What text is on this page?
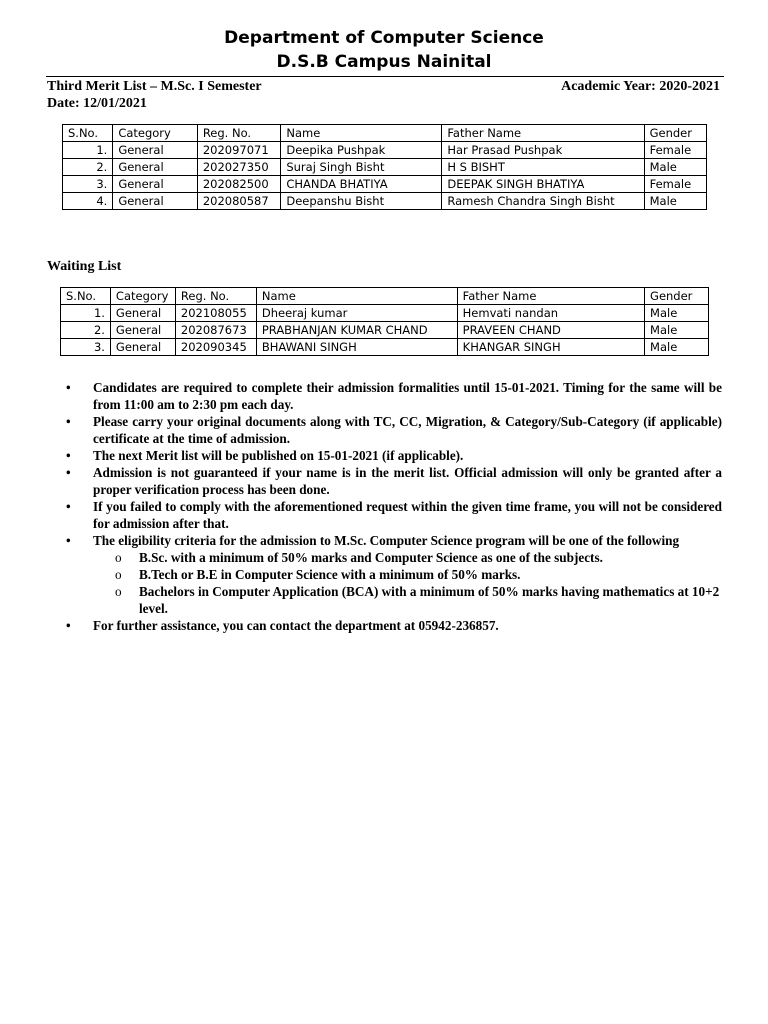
Department of Computer Science
D.S.B Campus Nainital
Third Merit List – M.Sc. I Semester	Academic Year: 2020-2021
Date: 12/01/2021
S.No.	Category	Reg. No.	Name	Father Name	Gender
1.	General	202097071	Deepika Pushpak	Har Prasad Pushpak	Female
2.	General	202027350	Suraj Singh Bisht	H S BISHT	Male
3.	General	202082500	CHANDA BHATIYA	DEEPAK SINGH BHATIYA	Female
4.	General	202080587	Deepanshu Bisht	Ramesh Chandra Singh Bisht	Male
Waiting List
S.No.	Category	Reg. No.	Name	Father Name	Gender
1.	General	202108055	Dheeraj kumar	Hemvati nandan	Male
2.	General	202087673	PRABHANJAN KUMAR CHAND	PRAVEEN CHAND	Male
3.	General	202090345	BHAWANI SINGH	KHANGAR SINGH	Male
• Candidates are required to complete their admission formalities until 15-01-2021. Timing for the same will be from 11:00 am to 2:30 pm each day.
• Please carry your original documents along with TC, CC, Migration, & Category/Sub-Category (if applicable) certificate at the time of admission.
• The next Merit list will be published on 15-01-2021 (if applicable).
• Admission is not guaranteed if your name is in the merit list. Official admission will only be granted after a proper verification process has been done.
• If you failed to comply with the aforementioned request within the given time frame, you will not be considered for admission after that.
• The eligibility criteria for the admission to M.Sc. Computer Science program will be one of the following
o B.Sc. with a minimum of 50% marks and Computer Science as one of the subjects.
o B.Tech or B.E in Computer Science with a minimum of 50% marks.
o Bachelors in Computer Application (BCA) with a minimum of 50% marks having mathematics at 10+2 level.
• For further assistance, you can contact the department at 05942-236857.
